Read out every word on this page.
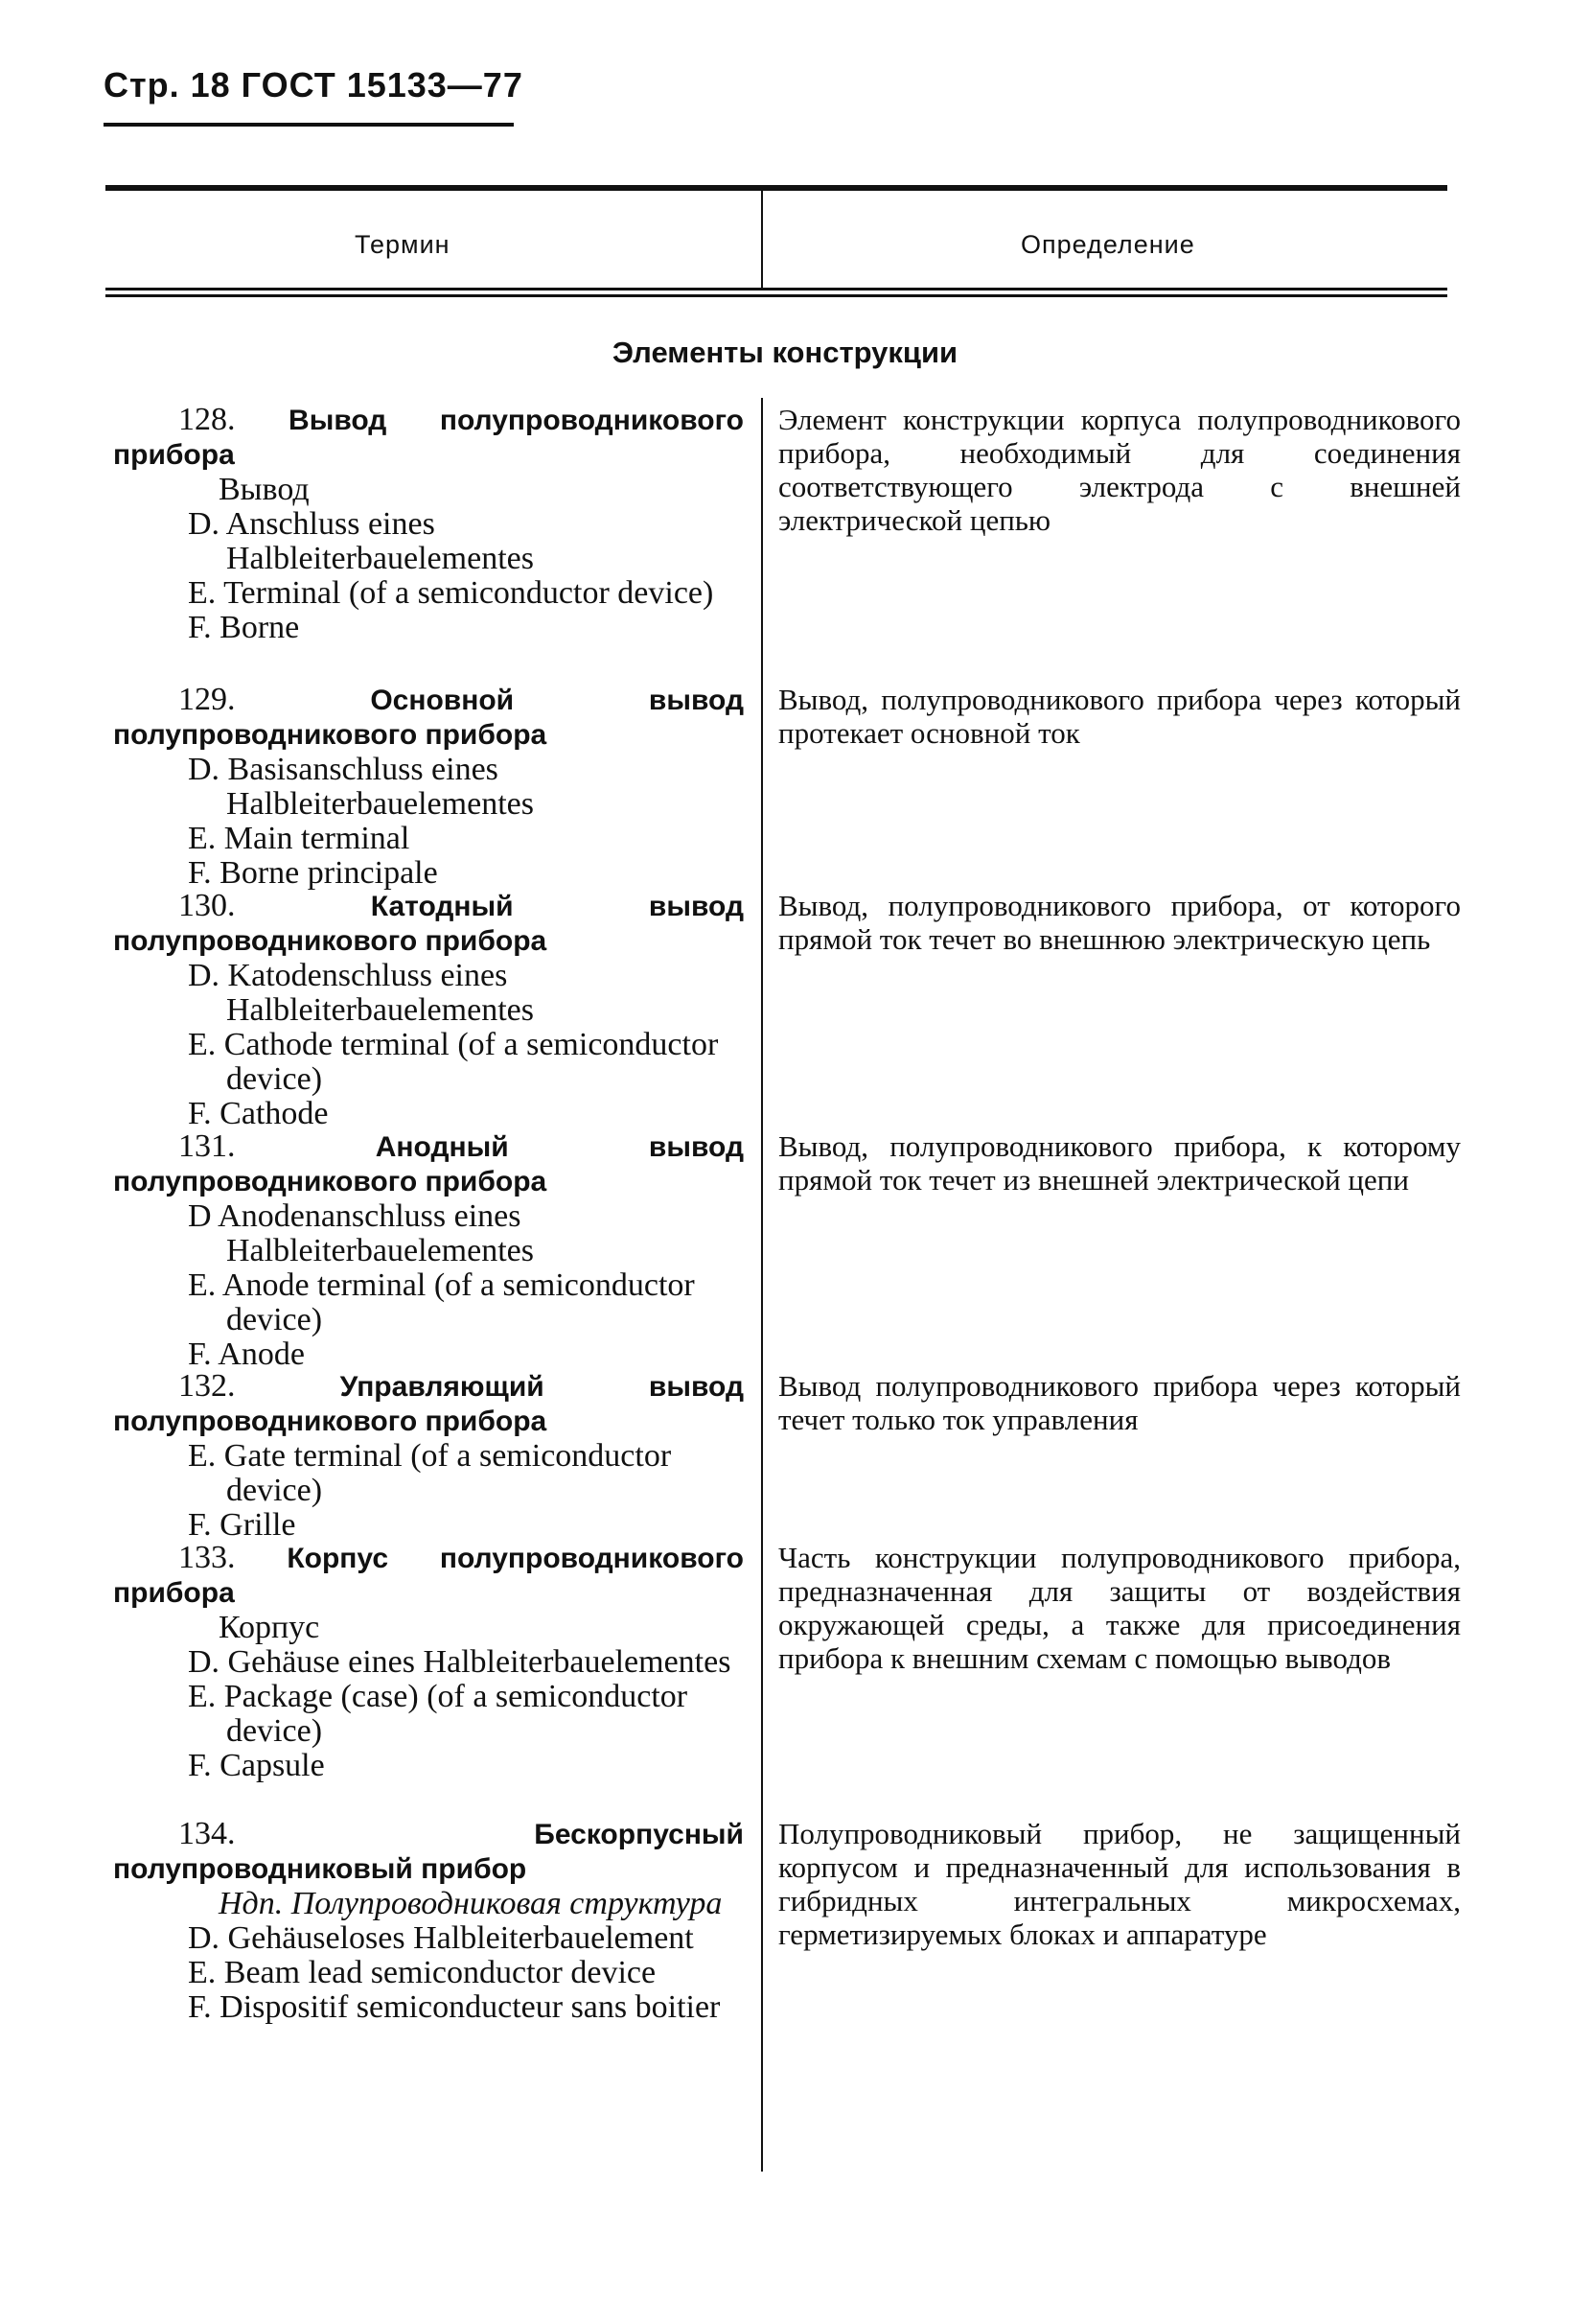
Стр. 18 ГОСТ 15133—77
Термин	Определение
Элементы конструкции
128. Вывод полупроводникового прибора
Вывод
D. Anschluss eines Halbleiterbauelementes
E. Terminal (of a semiconductor device)
F. Borne
Элемент конструкции корпуса полупроводникового прибора, необходимый для соединения соответствующего электрода с внешней электрической цепью
129.	Основной вывод полупроводникового прибора
D. Basisanschluss eines Halbleiterbauelementes
E. Main terminal
F. Borne principale
Вывод, полупроводникового прибора через который протекает основной ток
130.	Катодный вывод полупроводникового прибора
D. Katodenschluss eines Halbleiterbauelementes
E. Cathode terminal (of a semiconductor device)
F. Cathode
Вывод, полупроводникового прибора, от которого прямой ток течет во внешнюю электрическую цепь
131.	Анодный вывод полупроводникового прибора
D Anodenanschluss eines Halbleiterbauelementes
E. Anode terminal (of a semiconductor device)
F. Anode
Вывод, полупроводникового прибора, к которому прямой ток течет из внешней электрической цепи
132.	Управляющий вывод полупроводникового прибора
E. Gate terminal (of a semiconductor device)
F. Grille
Вывод полупроводникового прибора через который течет только ток управления
133. Корпус полупроводникового прибора
Корпус
D. Gehäuse eines Halbleiterbauelementes
E. Package (case) (of a semiconductor device)
F. Capsule
Часть конструкции полупроводникового прибора, предназначенная для защиты от воздействия окружающей среды, а также для присоединения прибора к внешним схемам с помощью выводов
134.	Бескорпусный полупроводниковый прибор
Ндп. Полупроводниковая структура
D. Gehäuseloses Halbleiterbauelement
E. Beam lead semiconductor device
F. Dispositif semiconducteur sans boitier
Полупроводниковый прибор, не защищенный корпусом и предназначенный для использования в гибридных интегральных микросхемах, герметизируемых блоках и аппаратуре
